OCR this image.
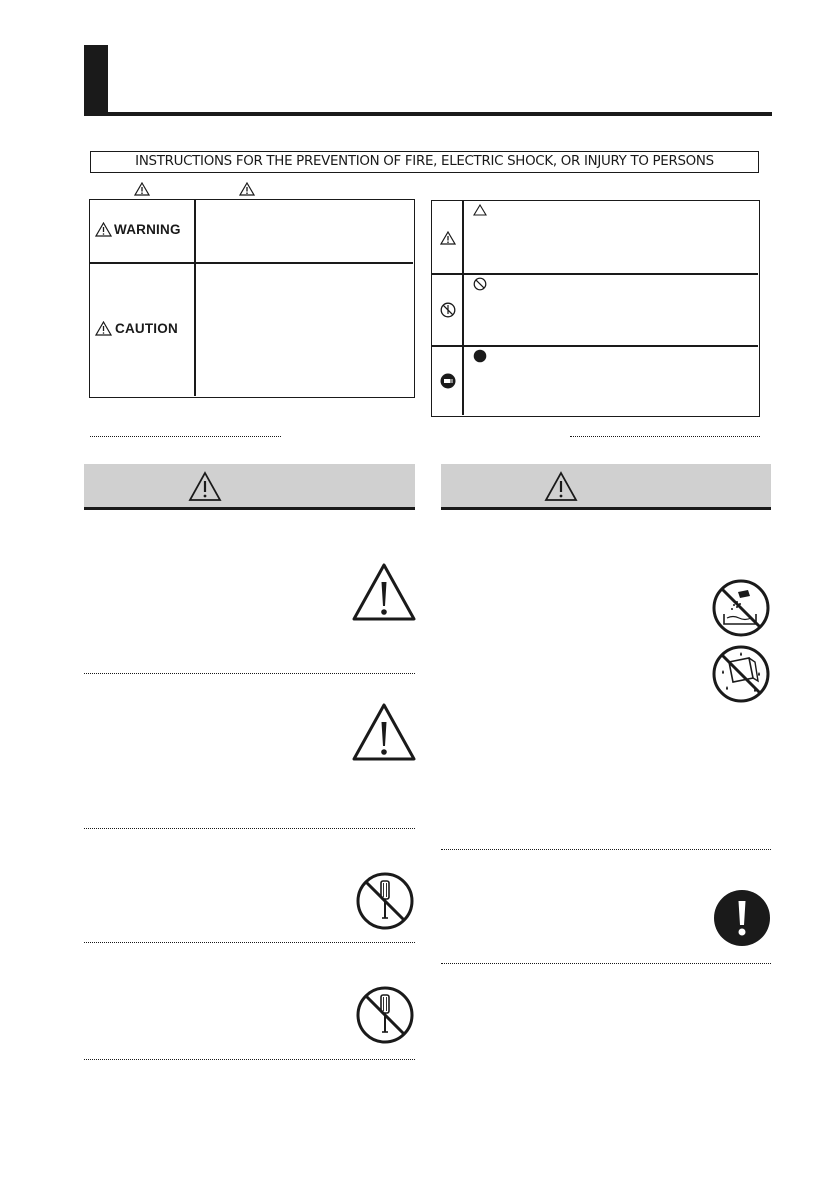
INSTRUCTIONS FOR THE PREVENTION OF FIRE, ELECTRIC SHOCK, OR INJURY TO PERSONS
WARNING
CAUTION
